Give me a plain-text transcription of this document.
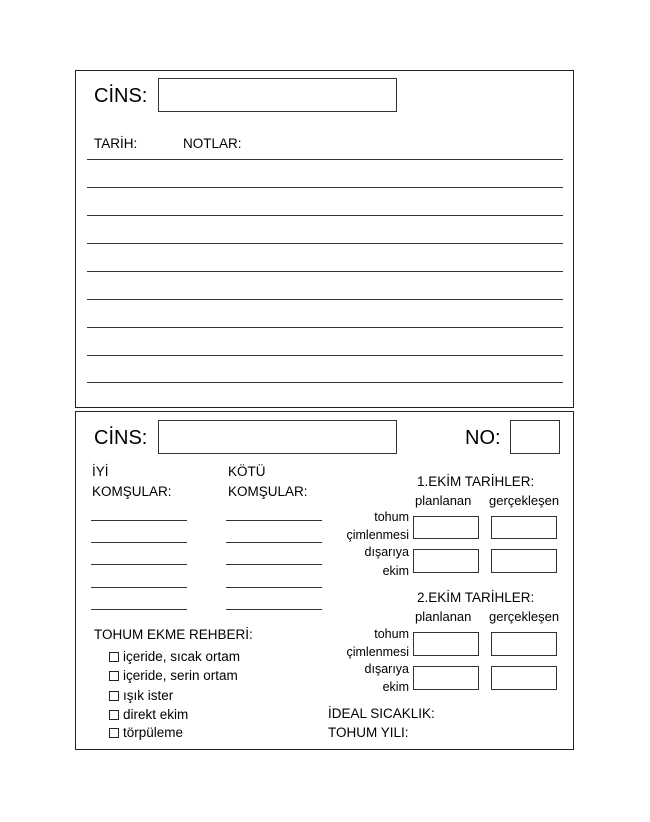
CİNS:
TARİH:	NOTLAR:
CİNS:	NO:
İYİ
KOMŞULAR:
KÖTÜ
KOMŞULAR:
1.EKİM TARİHLER:
planlanan gerçekleşen
tohum
çimlenmesi
dışarıya
ekim
2.EKİM TARİHLER:
planlanan gerçekleşen
tohum
çimlenmesi
dışarıya
ekim
TOHUM EKME REHBERİ:
içeride, sıcak ortam
içeride, serin ortam
ışık ister
direkt ekim
törpüleme
İDEAL SICAKLIK:
TOHUM YILI:
